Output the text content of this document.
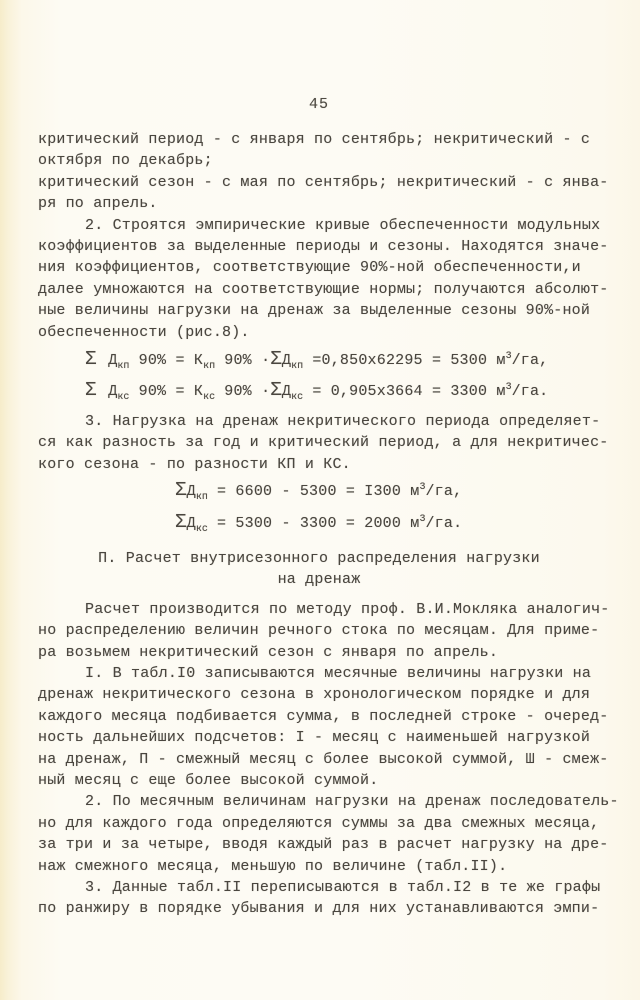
45

критический период - с января по сентябрь; некритический - с

октября по декабрь;

критический сезон - с мая по сентябрь; некритический - с янва-

ря по апрель.

2. Строятся эмпирические кривые обеспеченности модульных

коэффициентов за выделенные периоды и сезоны. Находятся значе-

ния коэффициентов, соответствующие 90%-ной обеспеченности,и

далее умножаются на соответствующие нормы; получаются абсолют-

ные величины нагрузки на дренаж за выделенные сезоны 90%-ной

обеспеченности (рис.8).

Σ $Д_{кп}$ $90\% = К_{кп}$ $90\% \cdot\Sigma Д_{кп} =0,850x62295 = 5300$ $м^3/га$,

Σ $Д_{кс}$ $90\% = К_{кс}$ $90\% \cdot\Sigma Д_{кс} = 0,905x3664 = 3300$ $м^3/га$.

3. Нагрузка на дренаж некритического периода определяет-

ся как разность за год и критический период, а для некритичес-

кого сезона - по разности КП и КС.

$\Sigma Д_{кп} = 6600 - 5300 = I300$ $м^3/га$,

$\Sigma Д_{кс} = 5300 - 3300 = 2000$ $м^3/га$.

П. Расчет внутрисезонного распределения нагрузки

на дренаж

Расчет производится по методу проф. В.И.Мокляка аналогич-

но распределению величин речного стока по месяцам. Для приме-

ра возьмем некритический сезон с января по апрель.

I. В табл.I0 записываются месячные величины нагрузки на

дренаж некритического сезона в хронологическом порядке и для

каждого месяца подбивается сумма, в последней строке - очеред-

ность дальнейших подсчетов: I - месяц с наименьшей нагрузкой

на дренаж, П - смежный месяц с более высокой суммой, Ш - смеж-

ный месяц с еще более высокой суммой.

2. По месячным величинам нагрузки на дренаж последователь-

но для каждого года определяются суммы за два смежных месяца,

за три и за четыре, вводя каждый раз в расчет нагрузку на дре-

наж смежного месяца, меньшую по величине (табл.II).

3. Данные табл.II переписываются в табл.I2 в те же графы

по ранжиру в порядке убывания и для них устанавливаются эмпи-
